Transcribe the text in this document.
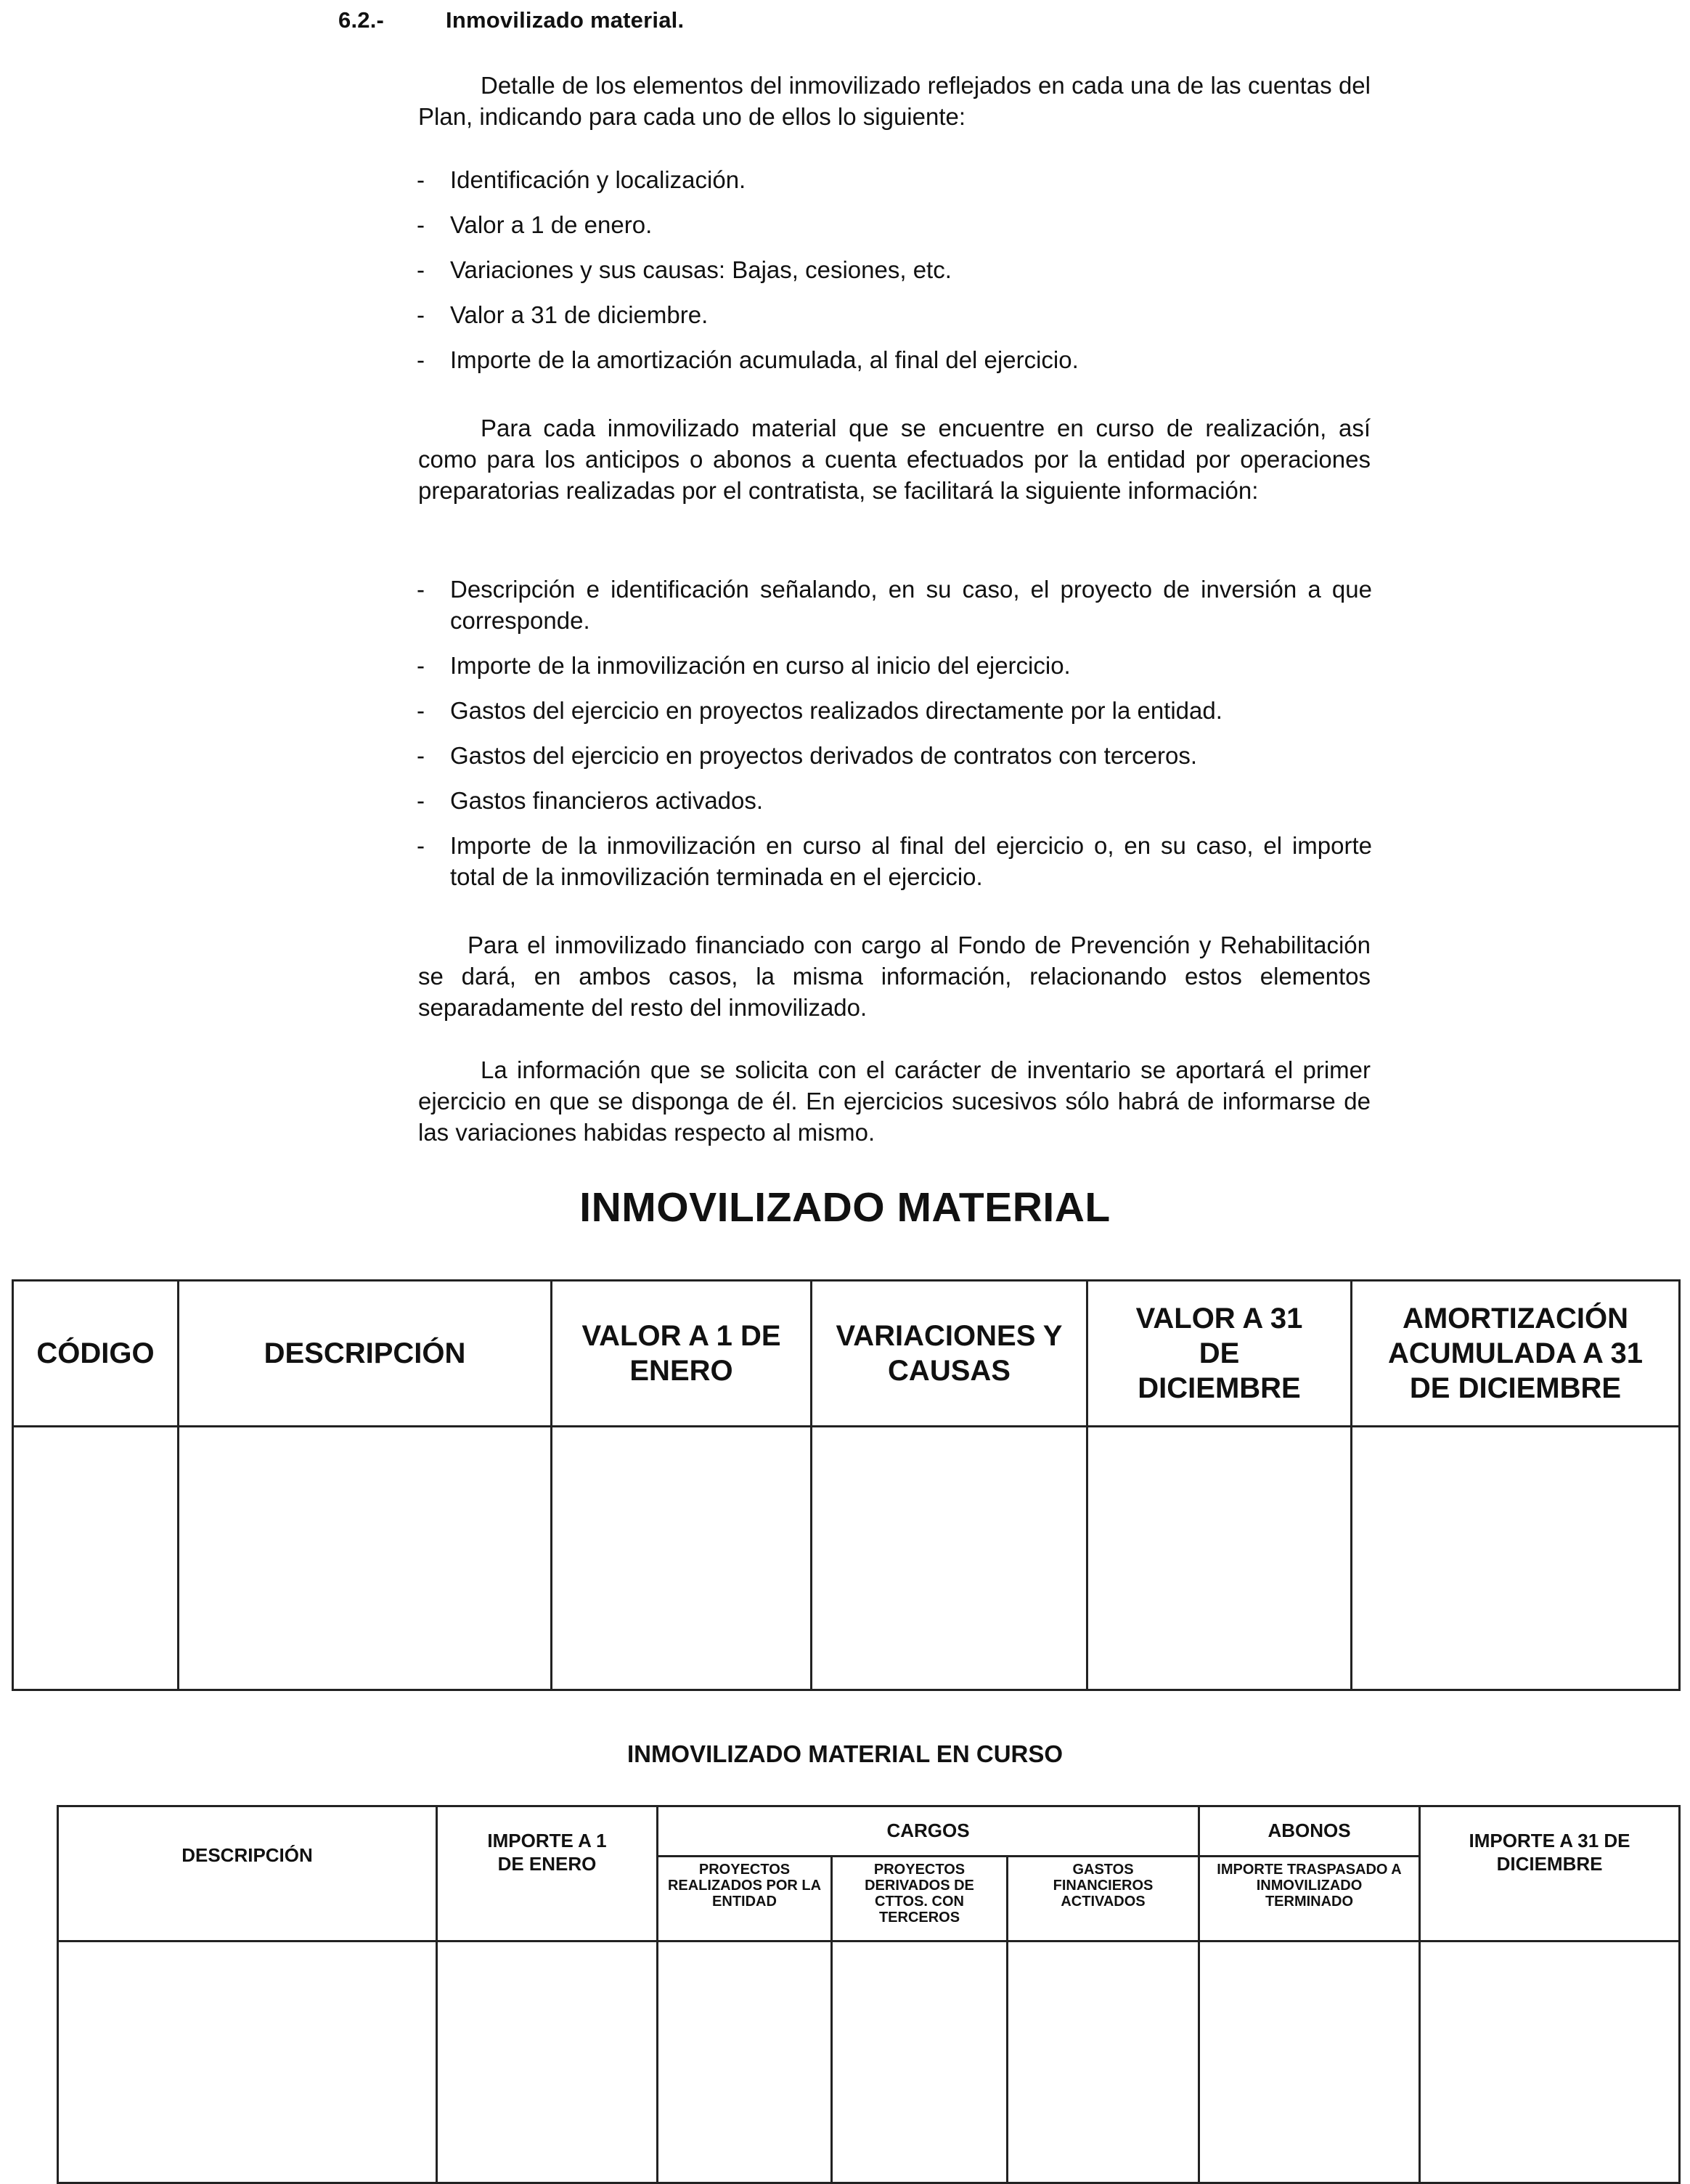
6.2.-	Inmovilizado material.

Detalle de los elementos del inmovilizado reflejados en cada una de las cuentas del Plan, indicando para cada uno de ellos lo siguiente:

- Identificación y localización.
- Valor a 1 de enero.
- Variaciones y sus causas: Bajas, cesiones, etc.
- Valor a 31 de diciembre.
- Importe de la amortización acumulada, al final del ejercicio.

Para cada inmovilizado material que se encuentre en curso de realización, así como para los anticipos o abonos a cuenta efectuados por la entidad por operaciones preparatorias realizadas por el contratista, se facilitará la siguiente información:

- Descripción e identificación señalando, en su caso, el proyecto de inversión a que corresponde.
- Importe de la inmovilización en curso al inicio del ejercicio.
- Gastos del ejercicio en proyectos realizados directamente por la entidad.
- Gastos del ejercicio en proyectos derivados de contratos con terceros.
- Gastos financieros activados.
- Importe de la inmovilización en curso al final del ejercicio o, en su caso, el importe total de la inmovilización terminada en el ejercicio.

Para el inmovilizado financiado con cargo al Fondo de Prevención y Rehabilitación se dará, en ambos casos, la misma información, relacionando estos elementos separadamente del resto del inmovilizado.

La información que se solicita con el carácter de inventario se aportará el primer ejercicio en que se disponga de él. En ejercicios sucesivos sólo habrá de informarse de las variaciones habidas respecto al mismo.

INMOVILIZADO MATERIAL
CÓDIGO	DESCRIPCIÓN	VALOR A 1 DE ENERO	VARIACIONES Y CAUSAS	VALOR A 31 DE DICIEMBRE	AMORTIZACIÓN ACUMULADA A 31 DE DICIEMBRE

INMOVILIZADO MATERIAL EN CURSO
DESCRIPCIÓN	IMPORTE A 1 DE ENERO	CARGOS			ABONOS	IMPORTE A 31 DE DICIEMBRE
		PROYECTOS REALIZADOS POR LA ENTIDAD	PROYECTOS DERIVADOS DE CTTOS. CON TERCEROS	GASTOS FINANCIEROS ACTIVADOS	IMPORTE TRASPASADO A INMOVILIZADO TERMINADO	
